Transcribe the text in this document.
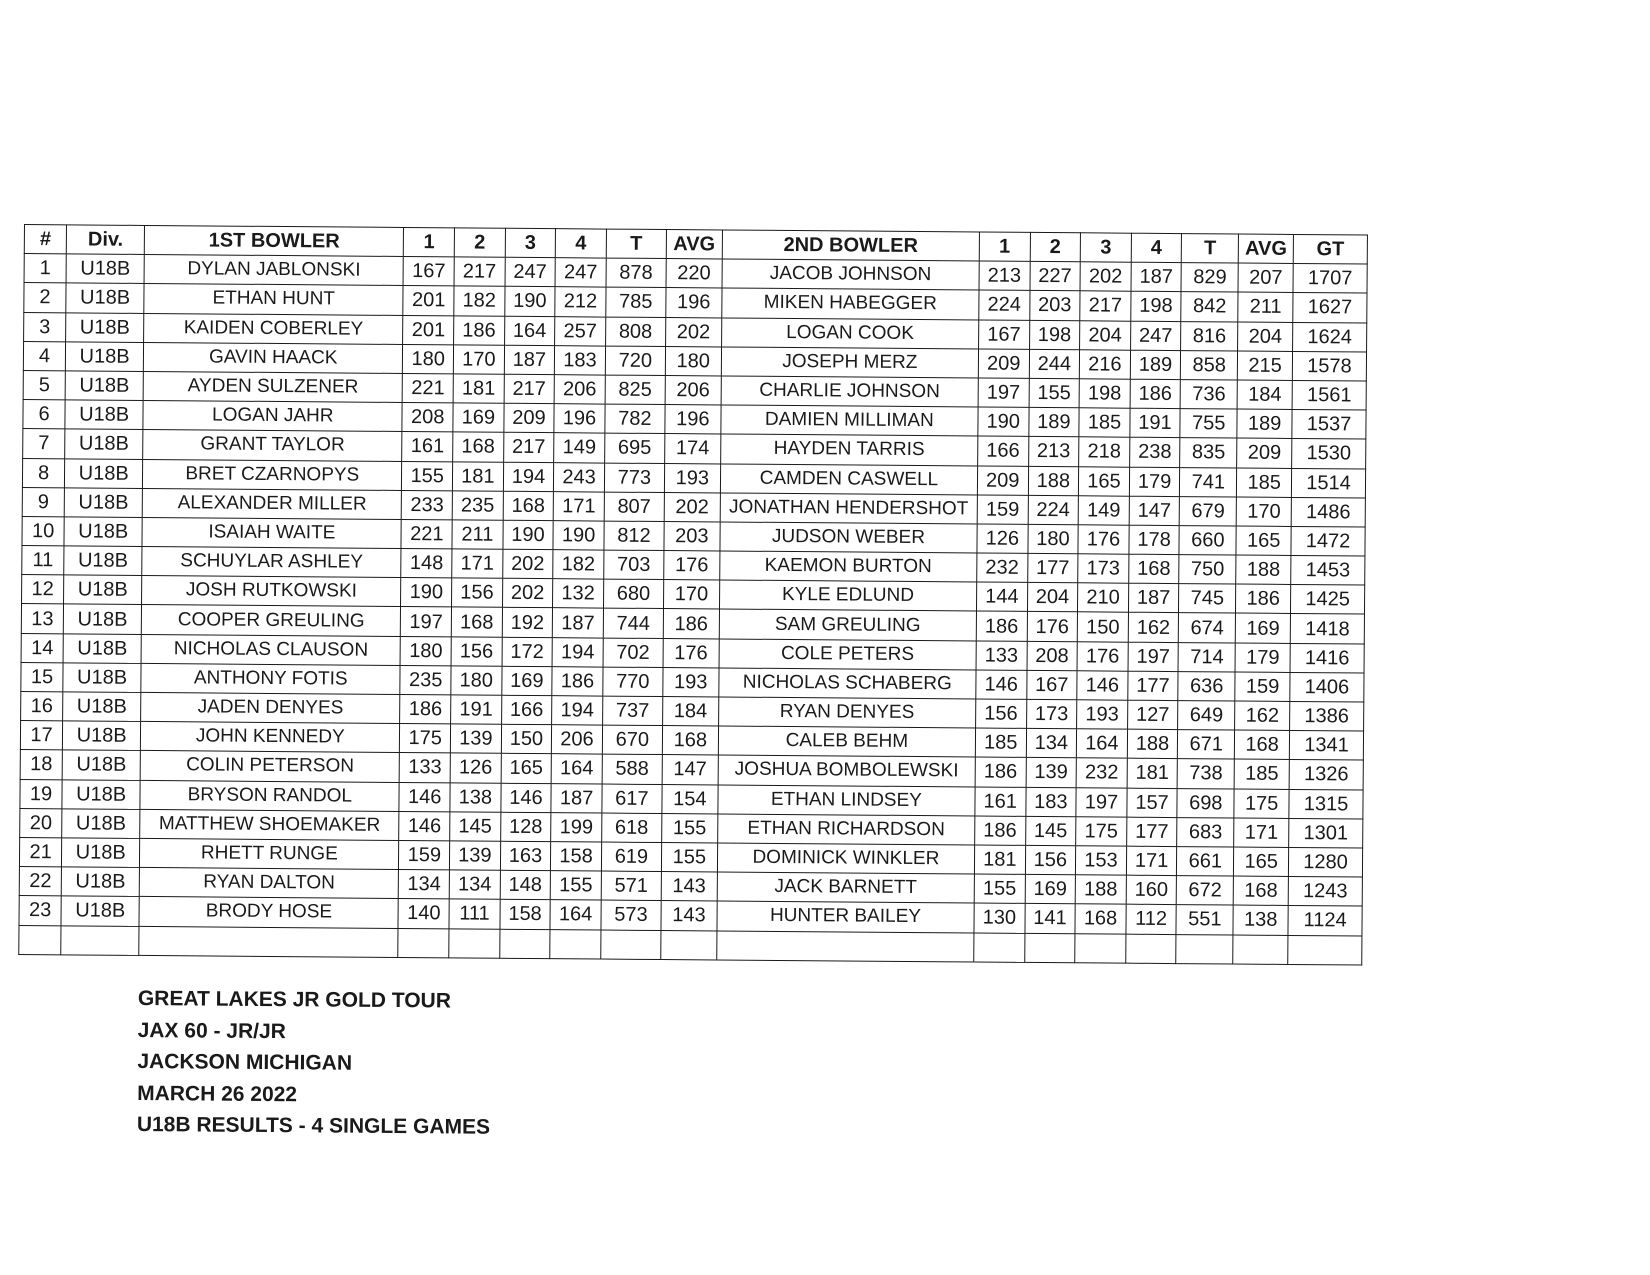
#	Div.	1ST BOWLER	1	2	3	4	T	AVG	2ND BOWLER	1	2	3	4	T	AVG	GT
1	U18B	DYLAN JABLONSKI	167	217	247	247	878	220	JACOB JOHNSON	213	227	202	187	829	207	1707
2	U18B	ETHAN HUNT	201	182	190	212	785	196	MIKEN HABEGGER	224	203	217	198	842	211	1627
3	U18B	KAIDEN COBERLEY	201	186	164	257	808	202	LOGAN COOK	167	198	204	247	816	204	1624
4	U18B	GAVIN HAACK	180	170	187	183	720	180	JOSEPH MERZ	209	244	216	189	858	215	1578
5	U18B	AYDEN SULZENER	221	181	217	206	825	206	CHARLIE JOHNSON	197	155	198	186	736	184	1561
6	U18B	LOGAN JAHR	208	169	209	196	782	196	DAMIEN MILLIMAN	190	189	185	191	755	189	1537
7	U18B	GRANT TAYLOR	161	168	217	149	695	174	HAYDEN TARRIS	166	213	218	238	835	209	1530
8	U18B	BRET CZARNOPYS	155	181	194	243	773	193	CAMDEN CASWELL	209	188	165	179	741	185	1514
9	U18B	ALEXANDER MILLER	233	235	168	171	807	202	JONATHAN HENDERSHOT	159	224	149	147	679	170	1486
10	U18B	ISAIAH WAITE	221	211	190	190	812	203	JUDSON WEBER	126	180	176	178	660	165	1472
11	U18B	SCHUYLAR ASHLEY	148	171	202	182	703	176	KAEMON BURTON	232	177	173	168	750	188	1453
12	U18B	JOSH RUTKOWSKI	190	156	202	132	680	170	KYLE EDLUND	144	204	210	187	745	186	1425
13	U18B	COOPER GREULING	197	168	192	187	744	186	SAM GREULING	186	176	150	162	674	169	1418
14	U18B	NICHOLAS CLAUSON	180	156	172	194	702	176	COLE PETERS	133	208	176	197	714	179	1416
15	U18B	ANTHONY FOTIS	235	180	169	186	770	193	NICHOLAS SCHABERG	146	167	146	177	636	159	1406
16	U18B	JADEN DENYES	186	191	166	194	737	184	RYAN DENYES	156	173	193	127	649	162	1386
17	U18B	JOHN KENNEDY	175	139	150	206	670	168	CALEB BEHM	185	134	164	188	671	168	1341
18	U18B	COLIN PETERSON	133	126	165	164	588	147	JOSHUA BOMBOLEWSKI	186	139	232	181	738	185	1326
19	U18B	BRYSON RANDOL	146	138	146	187	617	154	ETHAN LINDSEY	161	183	197	157	698	175	1315
20	U18B	MATTHEW SHOEMAKER	146	145	128	199	618	155	ETHAN RICHARDSON	186	145	175	177	683	171	1301
21	U18B	RHETT RUNGE	159	139	163	158	619	155	DOMINICK WINKLER	181	156	153	171	661	165	1280
22	U18B	RYAN DALTON	134	134	148	155	571	143	JACK BARNETT	155	169	188	160	672	168	1243
23	U18B	BRODY HOSE	140	111	158	164	573	143	HUNTER BAILEY	130	141	168	112	551	138	1124

GREAT LAKES JR GOLD TOUR
JAX 60 - JR/JR
JACKSON MICHIGAN
MARCH 26 2022
U18B RESULTS - 4 SINGLE GAMES
